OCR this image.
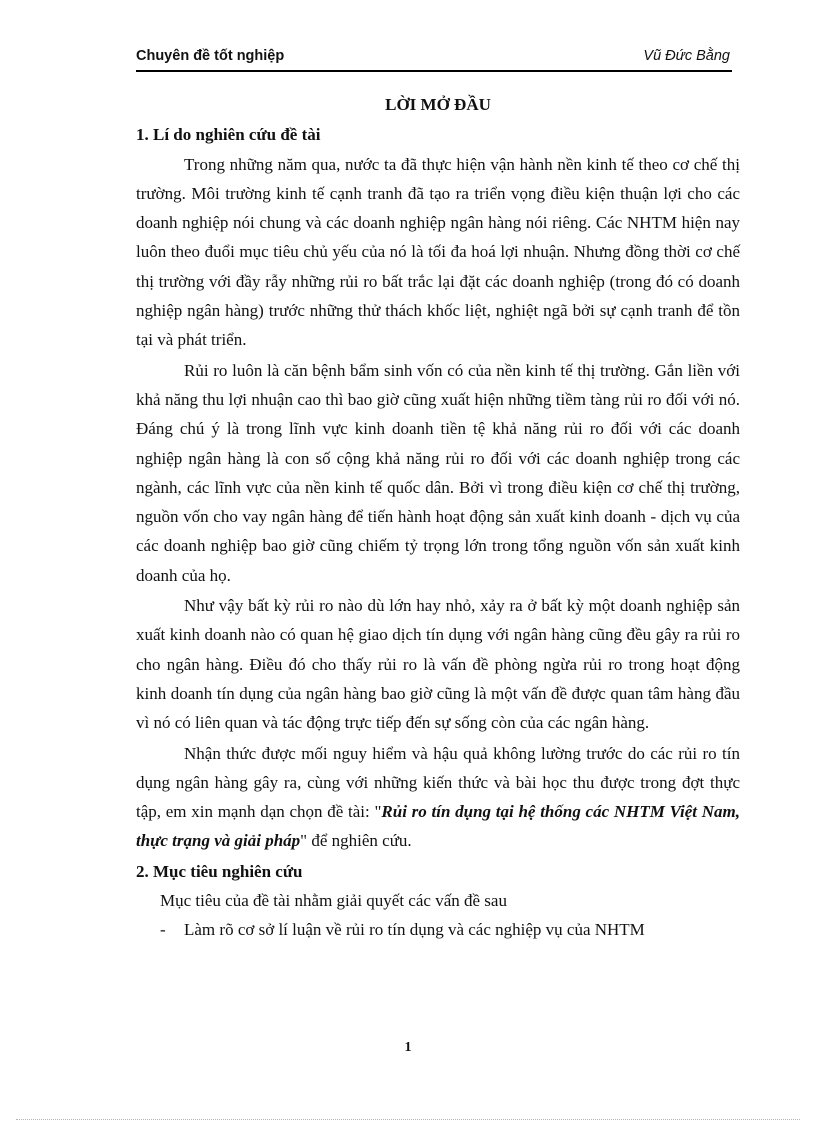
Chuyên đề tốt nghiệp	Vũ Đức Bằng

LỜI MỞ ĐẦU

1. Lí do nghiên cứu đề tài

Trong những năm qua, nước ta đã thực hiện vận hành nền kinh tế theo cơ chế thị trường. Môi trường kinh tế cạnh tranh đã tạo ra triển vọng điều kiện thuận lợi cho các doanh nghiệp nói chung và các doanh nghiệp ngân hàng nói riêng. Các NHTM hiện nay luôn theo đuổi mục tiêu chủ yếu của nó là tối đa hoá lợi nhuận. Nhưng đồng thời cơ chế thị trường với đầy rẫy những rủi ro bất trắc lại đặt các doanh nghiệp (trong đó có doanh nghiệp ngân hàng) trước những thử thách khốc liệt, nghiệt ngã bởi sự cạnh tranh để tồn tại và phát triển.

Rủi ro luôn là căn bệnh bẩm sinh vốn có của nền kinh tế thị trường. Gắn liền với khả năng thu lợi nhuận cao thì bao giờ cũng xuất hiện những tiềm tàng rủi ro đối với nó. Đáng chú ý là trong lĩnh vực kinh doanh tiền tệ khả năng rủi ro đối với các doanh nghiệp ngân hàng là con số cộng khả năng rủi ro đối với các doanh nghiệp trong các ngành, các lĩnh vực của nền kinh tế quốc dân. Bởi vì trong điều kiện cơ chế thị trường, nguồn vốn cho vay ngân hàng để tiến hành hoạt động sản xuất kinh doanh - dịch vụ của các doanh nghiệp bao giờ cũng chiếm tỷ trọng lớn trong tổng nguồn vốn sản xuất kinh doanh của họ.

Như vậy bất kỳ rủi ro nào dù lớn hay nhỏ, xảy ra ở bất kỳ một doanh nghiệp sản xuất kinh doanh nào có quan hệ giao dịch tín dụng với ngân hàng cũng đều gây ra rủi ro cho ngân hàng. Điều đó cho thấy rủi ro là vấn đề phòng ngừa rủi ro trong hoạt động kinh doanh tín dụng của ngân hàng bao giờ cũng là một vấn đề được quan tâm hàng đầu vì nó có liên quan và tác động trực tiếp đến sự sống còn của các ngân hàng.

Nhận thức được mối nguy hiểm và hậu quả không lường trước do các rủi ro tín dụng ngân hàng gây ra, cùng với những kiến thức và bài học thu được trong đợt thực tập, em xin mạnh dạn chọn đề tài: "Rủi ro tín dụng tại hệ thống các NHTM Việt Nam, thực trạng và giải pháp" để nghiên cứu.

2. Mục tiêu nghiên cứu

Mục tiêu của đề tài nhằm giải quyết các vấn đề sau

- Làm rõ cơ sở lí luận về rủi ro tín dụng và các nghiệp vụ của NHTM

1
